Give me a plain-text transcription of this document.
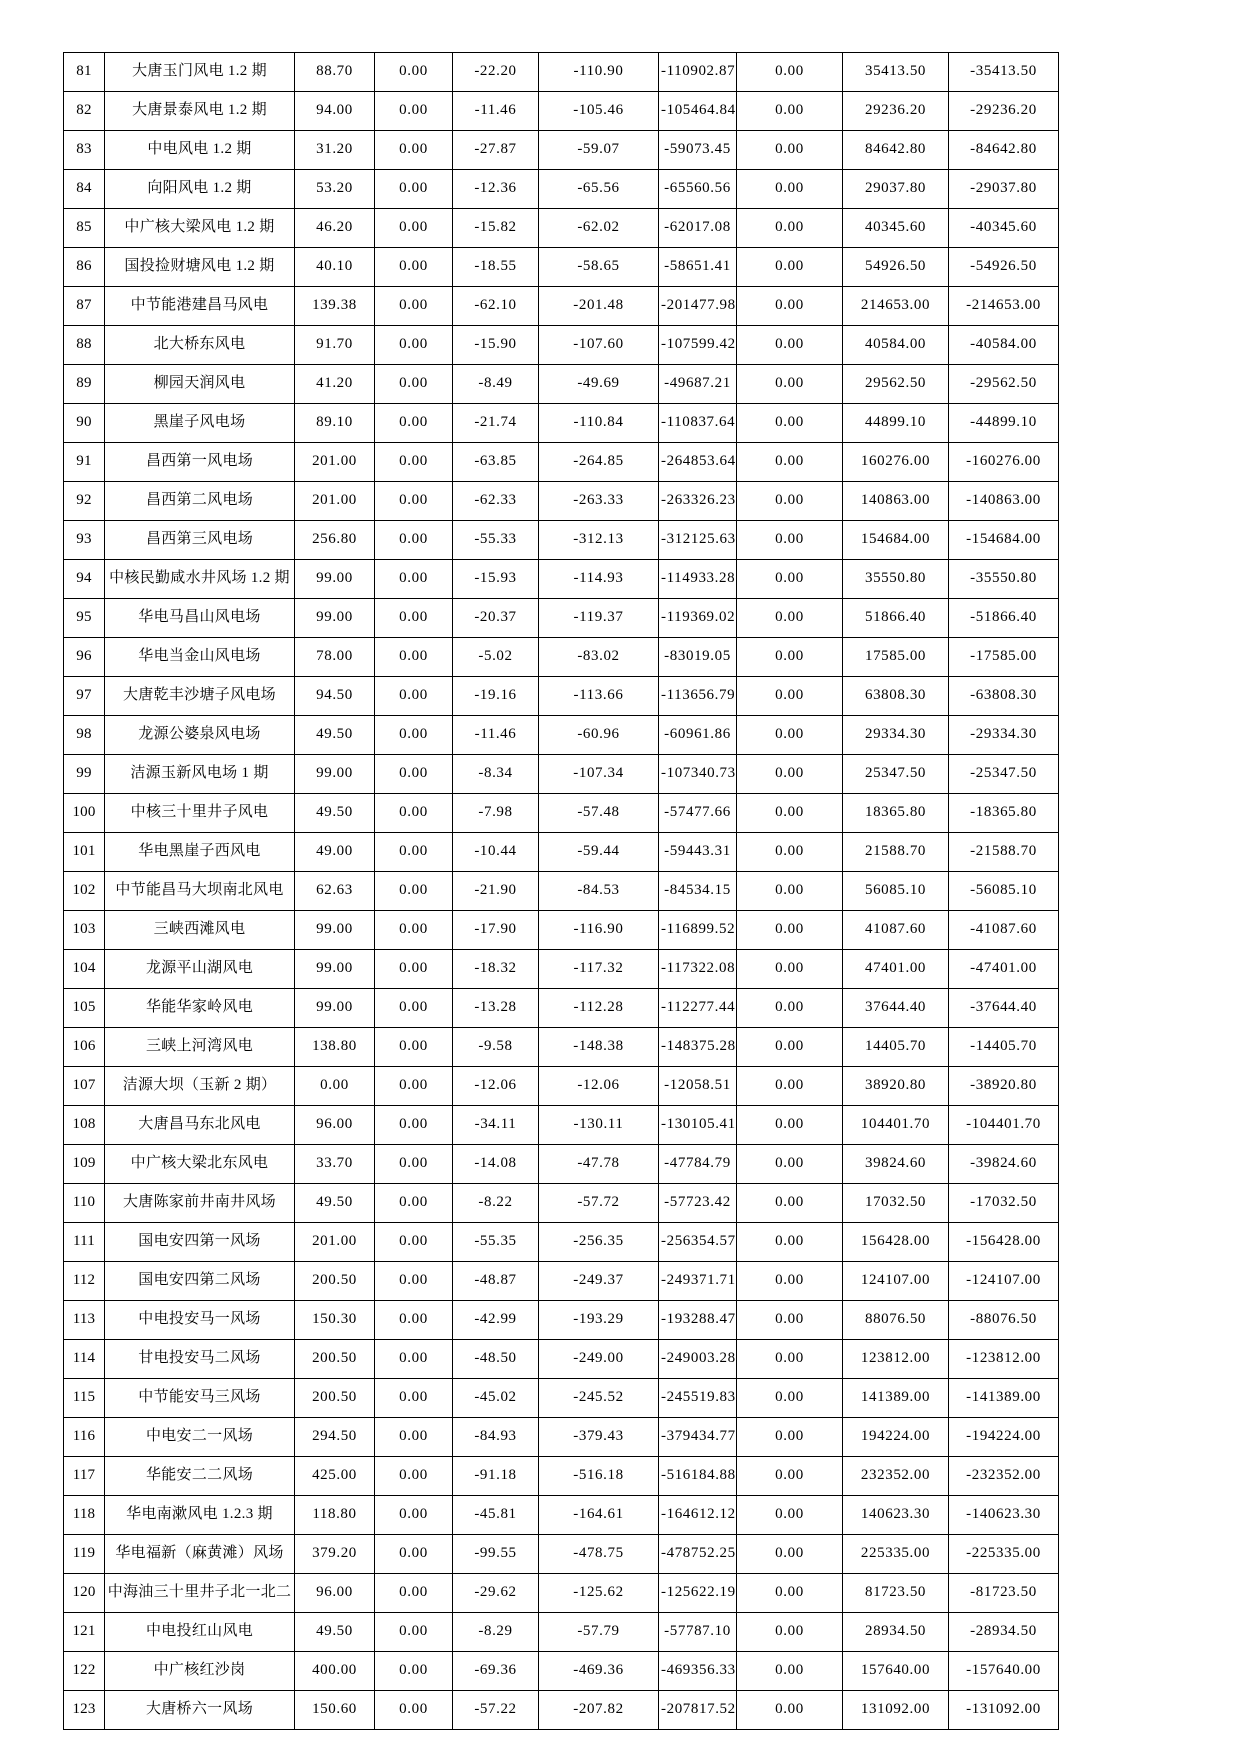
81	大唐玉门风电 1.2 期	88.70	0.00	-22.20	-110.90	-110902.87	0.00	35413.50	-35413.50	
82	大唐景泰风电 1.2 期	94.00	0.00	-11.46	-105.46	-105464.84	0.00	29236.20	-29236.20	
83	中电风电 1.2 期	31.20	0.00	-27.87	-59.07	-59073.45	0.00	84642.80	-84642.80	
84	向阳风电 1.2 期	53.20	0.00	-12.36	-65.56	-65560.56	0.00	29037.80	-29037.80	
85	中广核大梁风电 1.2 期	46.20	0.00	-15.82	-62.02	-62017.08	0.00	40345.60	-40345.60	
86	国投捡财塘风电 1.2 期	40.10	0.00	-18.55	-58.65	-58651.41	0.00	54926.50	-54926.50	
87	中节能港建昌马风电	139.38	0.00	-62.10	-201.48	-201477.98	0.00	214653.00	-214653.00	
88	北大桥东风电	91.70	0.00	-15.90	-107.60	-107599.42	0.00	40584.00	-40584.00	
89	柳园天润风电	41.20	0.00	-8.49	-49.69	-49687.21	0.00	29562.50	-29562.50	
90	黑崖子风电场	89.10	0.00	-21.74	-110.84	-110837.64	0.00	44899.10	-44899.10	
91	昌西第一风电场	201.00	0.00	-63.85	-264.85	-264853.64	0.00	160276.00	-160276.00	
92	昌西第二风电场	201.00	0.00	-62.33	-263.33	-263326.23	0.00	140863.00	-140863.00	
93	昌西第三风电场	256.80	0.00	-55.33	-312.13	-312125.63	0.00	154684.00	-154684.00	
94	中核民勤咸水井风场 1.2 期	99.00	0.00	-15.93	-114.93	-114933.28	0.00	35550.80	-35550.80	
95	华电马昌山风电场	99.00	0.00	-20.37	-119.37	-119369.02	0.00	51866.40	-51866.40	
96	华电当金山风电场	78.00	0.00	-5.02	-83.02	-83019.05	0.00	17585.00	-17585.00	
97	大唐乾丰沙塘子风电场	94.50	0.00	-19.16	-113.66	-113656.79	0.00	63808.30	-63808.30	
98	龙源公婆泉风电场	49.50	0.00	-11.46	-60.96	-60961.86	0.00	29334.30	-29334.30	
99	洁源玉新风电场 1 期	99.00	0.00	-8.34	-107.34	-107340.73	0.00	25347.50	-25347.50	
100	中核三十里井子风电	49.50	0.00	-7.98	-57.48	-57477.66	0.00	18365.80	-18365.80	
101	华电黑崖子西风电	49.00	0.00	-10.44	-59.44	-59443.31	0.00	21588.70	-21588.70	
102	中节能昌马大坝南北风电	62.63	0.00	-21.90	-84.53	-84534.15	0.00	56085.10	-56085.10	
103	三峡西滩风电	99.00	0.00	-17.90	-116.90	-116899.52	0.00	41087.60	-41087.60	
104	龙源平山湖风电	99.00	0.00	-18.32	-117.32	-117322.08	0.00	47401.00	-47401.00	
105	华能华家岭风电	99.00	0.00	-13.28	-112.28	-112277.44	0.00	37644.40	-37644.40	
106	三峡上河湾风电	138.80	0.00	-9.58	-148.38	-148375.28	0.00	14405.70	-14405.70	
107	洁源大坝（玉新 2 期）	0.00	0.00	-12.06	-12.06	-12058.51	0.00	38920.80	-38920.80	
108	大唐昌马东北风电	96.00	0.00	-34.11	-130.11	-130105.41	0.00	104401.70	-104401.70	
109	中广核大梁北东风电	33.70	0.00	-14.08	-47.78	-47784.79	0.00	39824.60	-39824.60	
110	大唐陈家前井南井风场	49.50	0.00	-8.22	-57.72	-57723.42	0.00	17032.50	-17032.50	
111	国电安四第一风场	201.00	0.00	-55.35	-256.35	-256354.57	0.00	156428.00	-156428.00	
112	国电安四第二风场	200.50	0.00	-48.87	-249.37	-249371.71	0.00	124107.00	-124107.00	
113	中电投安马一风场	150.30	0.00	-42.99	-193.29	-193288.47	0.00	88076.50	-88076.50	
114	甘电投安马二风场	200.50	0.00	-48.50	-249.00	-249003.28	0.00	123812.00	-123812.00	
115	中节能安马三风场	200.50	0.00	-45.02	-245.52	-245519.83	0.00	141389.00	-141389.00	
116	中电安二一风场	294.50	0.00	-84.93	-379.43	-379434.77	0.00	194224.00	-194224.00	
117	华能安二二风场	425.00	0.00	-91.18	-516.18	-516184.88	0.00	232352.00	-232352.00	
118	华电南漱风电 1.2.3 期	118.80	0.00	-45.81	-164.61	-164612.12	0.00	140623.30	-140623.30	
119	华电福新（麻黄滩）风场	379.20	0.00	-99.55	-478.75	-478752.25	0.00	225335.00	-225335.00	
120	中海油三十里井子北一北二	96.00	0.00	-29.62	-125.62	-125622.19	0.00	81723.50	-81723.50	
121	中电投红山风电	49.50	0.00	-8.29	-57.79	-57787.10	0.00	28934.50	-28934.50	
122	中广核红沙岗	400.00	0.00	-69.36	-469.36	-469356.33	0.00	157640.00	-157640.00	
123	大唐桥六一风场	150.60	0.00	-57.22	-207.82	-207817.52	0.00	131092.00	-131092.00	
